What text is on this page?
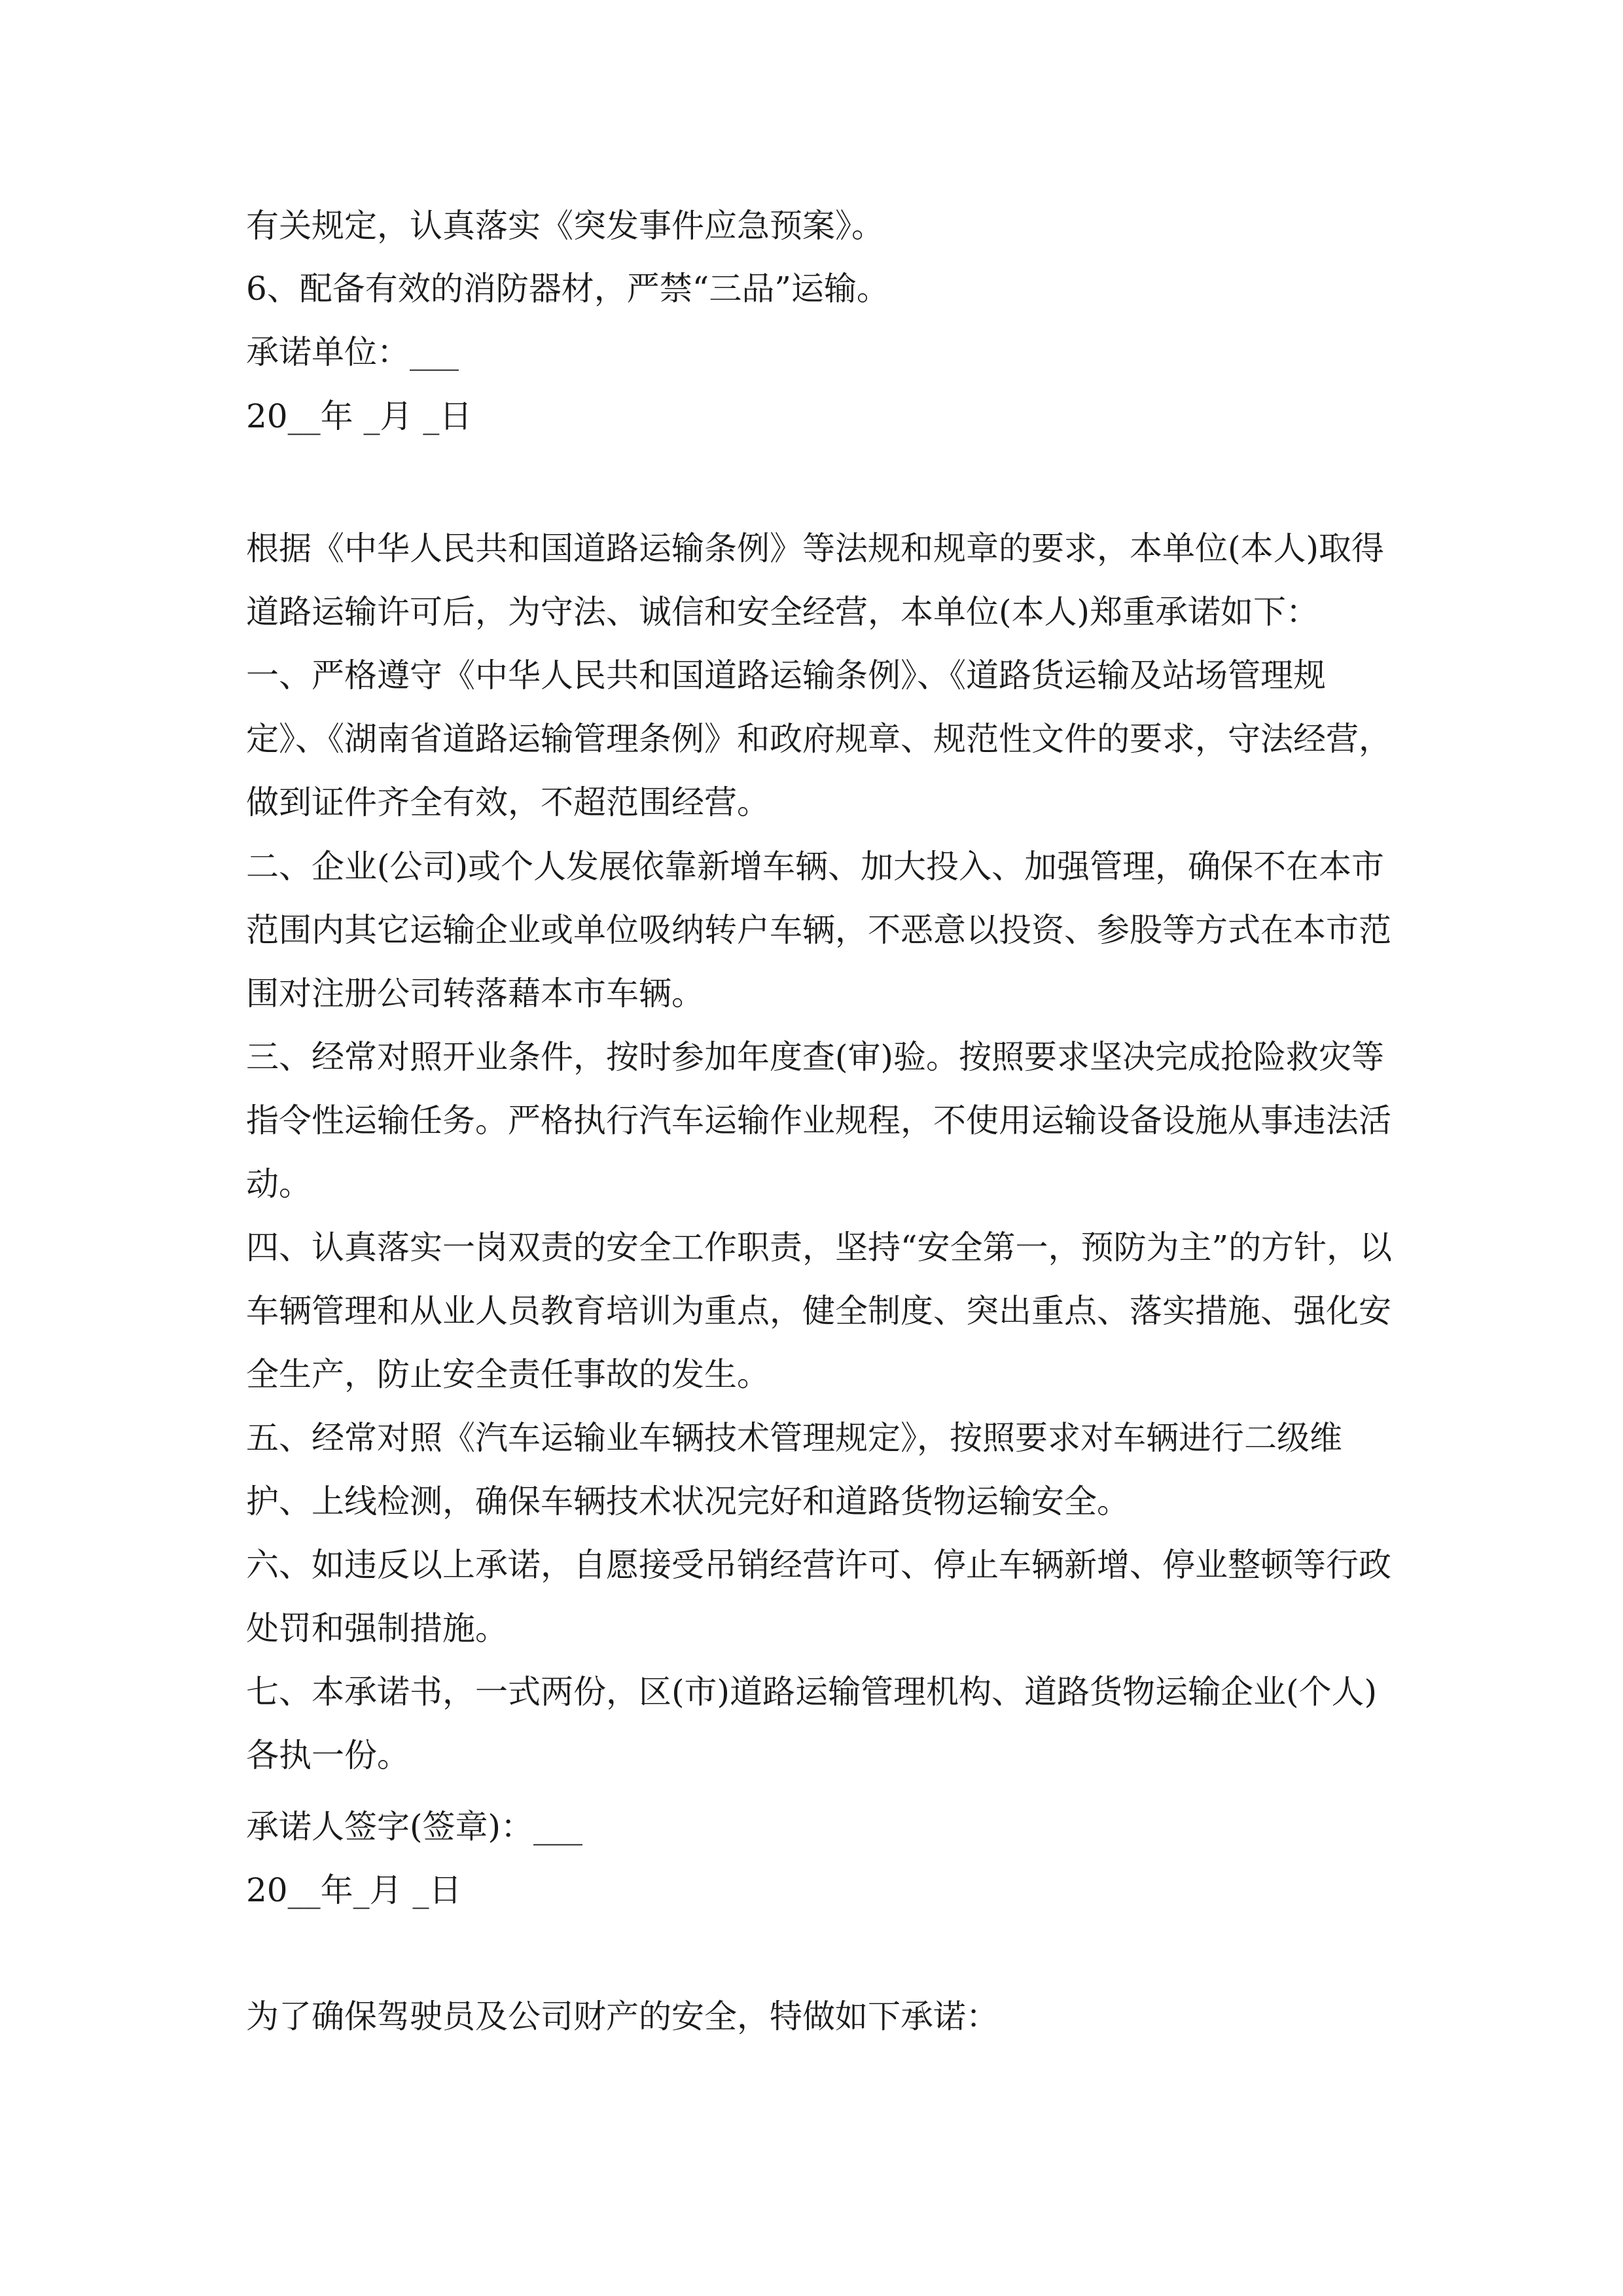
有关规定，认真落实《突发事件应急预案》。
6、配备有效的消防器材，严禁“三品”运输。
承诺单位：___
20__年 _月 _日
根据《中华人民共和国道路运输条例》等法规和规章的要求，本单位(本人)取得道路运输许可后，为守法、诚信和安全经营，本单位(本人)郑重承诺如下：
一、严格遵守《中华人民共和国道路运输条例》、《道路货运输及站场管理规定》、《湖南省道路运输管理条例》和政府规章、规范性文件的要求，守法经营，做到证件齐全有效，不超范围经营。
二、企业(公司)或个人发展依靠新增车辆、加大投入、加强管理，确保不在本市范围内其它运输企业或单位吸纳转户车辆，不恶意以投资、参股等方式在本市范围对注册公司转落藉本市车辆。
三、经常对照开业条件，按时参加年度查(审)验。按照要求坚决完成抢险救灾等指令性运输任务。严格执行汽车运输作业规程，不使用运输设备设施从事违法活动。
四、认真落实一岗双责的安全工作职责，坚持“安全第一，预防为主”的方针，以车辆管理和从业人员教育培训为重点，健全制度、突出重点、落实措施、强化安全生产，防止安全责任事故的发生。
五、经常对照《汽车运输业车辆技术管理规定》，按照要求对车辆进行二级维护、上线检测，确保车辆技术状况完好和道路货物运输安全。
六、如违反以上承诺，自愿接受吊销经营许可、停止车辆新增、停业整顿等行政处罚和强制措施。
七、本承诺书，一式两份，区(市)道路运输管理机构、道路货物运输企业(个人)各执一份。
承诺人签字(签章)：___
20__年_月 _日
为了确保驾驶员及公司财产的安全，特做如下承诺：
